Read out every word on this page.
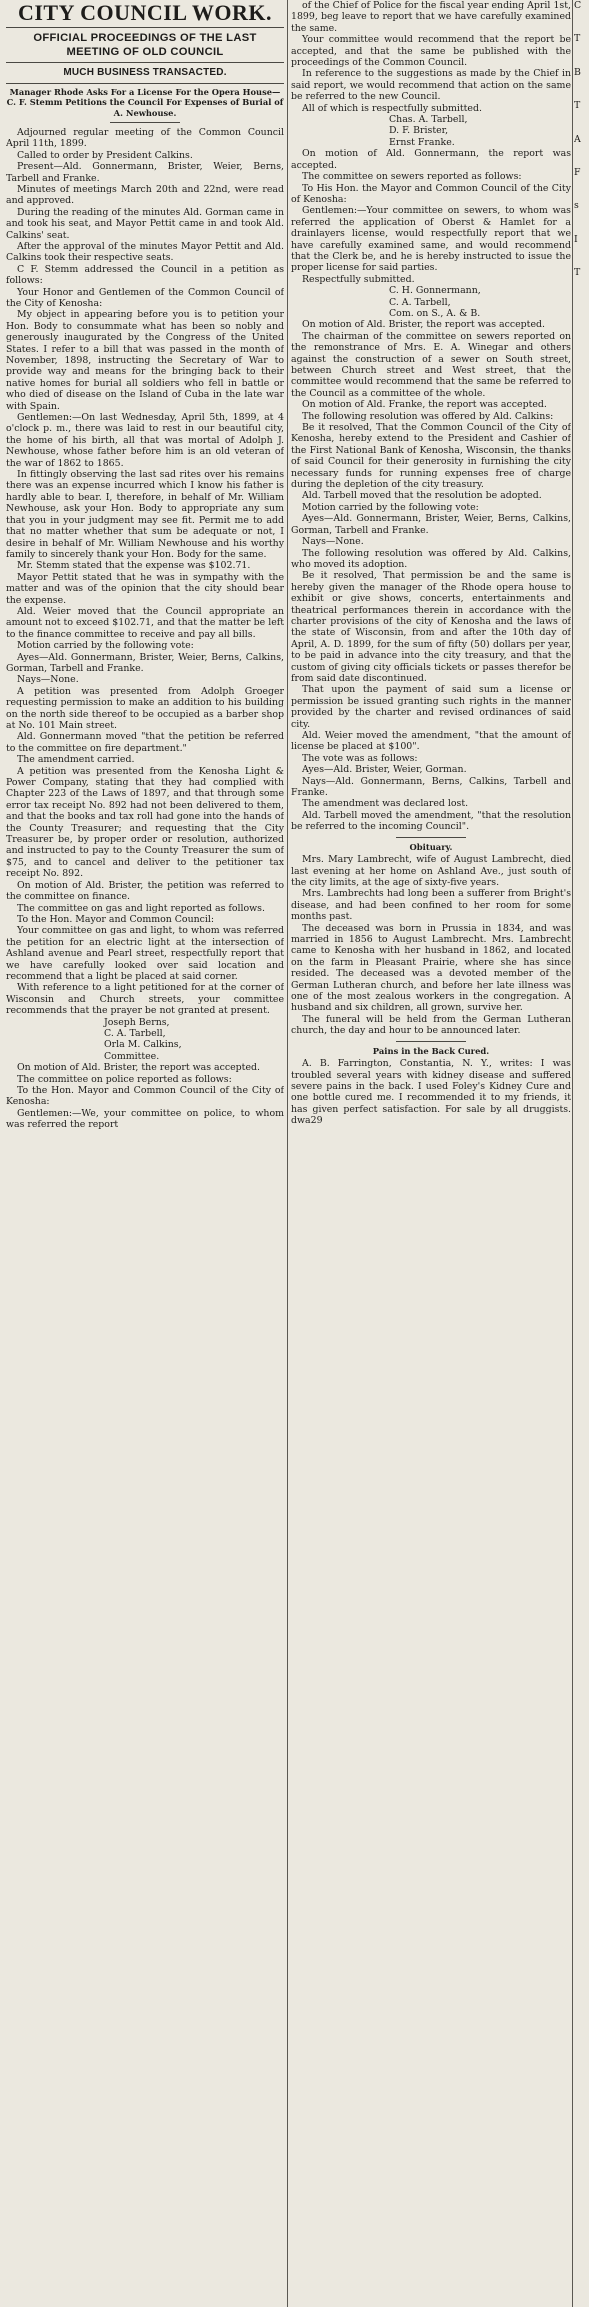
CITY COUNCIL WORK.
OFFICIAL PROCEEDINGS OF THE LAST MEETING OF OLD COUNCIL
MUCH BUSINESS TRANSACTED.
Manager Rhode Asks For a License For the Opera House—C. F. Stemm Petitions the Council For Expenses of Burial of A. Newhouse.

Adjourned regular meeting of the Common Council April 11th, 1899.

Called to order by President Calkins.

Present—Ald. Gonnermann, Brister, Weier, Berns, Tarbell and Franke.

Minutes of meetings March 20th and 22nd, were read and approved.

During the reading of the minutes Ald. Gorman came in and took his seat, and Mayor Pettit came in and took Ald. Calkins' seat.

After the approval of the minutes Mayor Pettit and Ald. Calkins took their respective seats.

C F. Stemm addressed the Council in a petition as follows:

Your Honor and Gentlemen of the Common Council of the City of Kenosha:

My object in appearing before you is to petition your Hon. Body to consummate what has been so nobly and generously inaugurated by the Congress of the United States. I refer to a bill that was passed in the month of November, 1898, instructing the Secretary of War to provide way and means for the bringing back to their native homes for burial all soldiers who fell in battle or who died of disease on the Island of Cuba in the late war with Spain.

Gentlemen:—On last Wednesday, April 5th, 1899, at 4 o'clock p. m., there was laid to rest in our beautiful city, the home of his birth, all that was mortal of Adolph J. Newhouse, whose father before him is an old veteran of the war of 1862 to 1865.

In fittingly observing the last sad rites over his remains there was an expense incurred which I know his father is hardly able to bear. I, therefore, in behalf of Mr. William Newhouse, ask your Hon. Body to appropriate any sum that you in your judgment may see fit. Permit me to add that no matter whether that sum be adequate or not, I desire in behalf of Mr. William Newhouse and his worthy family to sincerely thank your Hon. Body for the same.

Mr. Stemm stated that the expense was $102.71.

Mayor Pettit stated that he was in sympathy with the matter and was of the opinion that the city should bear the expense.

Ald. Weier moved that the Council appropriate an amount not to exceed $102.71, and that the matter be left to the finance committee to receive and pay all bills.

Motion carried by the following vote:

Ayes—Ald. Gonnermann, Brister, Weier, Berns, Calkins, Gorman, Tarbell and Franke.

Nays—None.

A petition was presented from Adolph Groeger requesting permission to make an addition to his building on the north side thereof to be occupied as a barber shop at No. 101 Main street.

Ald. Gonnermann moved "that the petition be referred to the committee on fire department."

The amendment carried.

A petition was presented from the Kenosha Light & Power Company, stating that they had complied with Chapter 223 of the Laws of 1897, and that through some error tax receipt No. 892 had not been delivered to them, and that the books and tax roll had gone into the hands of the County Treasurer; and requesting that the City Treasurer be, by proper order or resolution, authorized and instructed to pay to the County Treasurer the sum of $75, and to cancel and deliver to the petitioner tax receipt No. 892.

On motion of Ald. Brister, the petition was referred to the committee on finance.

The committee on gas and light reported as follows.

To the Hon. Mayor and Common Council:

Your committee on gas and light, to whom was referred the petition for an electric light at the intersection of Ashland avenue and Pearl street, respectfully report that we have carefully looked over said location and recommend that a light be placed at said corner.

With reference to a light petitioned for at the corner of Wisconsin and Church streets, your committee recommends that the prayer be not granted at present.

Joseph Berns,

C. A. Tarbell,

Orla M. Calkins,

Committee.

On motion of Ald. Brister, the report was accepted.

The committee on police reported as follows:

To the Hon. Mayor and Common Council of the City of Kenosha:

Gentlemen:—We, your committee on police, to whom was referred the report

of the Chief of Police for the fiscal year ending April 1st, 1899, beg leave to report that we have carefully examined the same.

Your committee would recommend that the report be accepted, and that the same be published with the proceedings of the Common Council.

In reference to the suggestions as made by the Chief in said report, we would recommend that action on the same be referred to the new Council.

All of which is respectfully submitted.

Chas. A. Tarbell,

D. F. Brister,

Ernst Franke.

On motion of Ald. Gonnermann, the report was accepted.

The committee on sewers reported as follows:

To His Hon. the Mayor and Common Council of the City of Kenosha:

Gentlemen:—Your committee on sewers, to whom was referred the application of Oberst & Hamlet for a drainlayers license, would respectfully report that we have carefully examined same, and would recommend that the Clerk be, and he is hereby instructed to issue the proper license for said parties.

Respectfully submitted.

C. H. Gonnermann,

C. A. Tarbell,

Com. on S., A. & B.

On motion of Ald. Brister, the report was accepted.

The chairman of the committee on sewers reported on the remonstrance of Mrs. E. A. Winegar and others against the construction of a sewer on South street, between Church street and West street, that the committee would recommend that the same be referred to the Council as a committee of the whole.

On motion of Ald. Franke, the report was accepted.

The following resolution was offered by Ald. Calkins:

Be it resolved, That the Common Council of the City of Kenosha, hereby extend to the President and Cashier of the First National Bank of Kenosha, Wisconsin, the thanks of said Council for their generosity in furnishing the city necessary funds for running expenses free of charge during the depletion of the city treasury.

Ald. Tarbell moved that the resolution be adopted.

Motion carried by the following vote:

Ayes—Ald. Gonnermann, Brister, Weier, Berns, Calkins, Gorman, Tarbell and Franke.

Nays—None.

The following resolution was offered by Ald. Calkins, who moved its adoption.

Be it resolved, That permission be and the same is hereby given the manager of the Rhode opera house to exhibit or give shows, concerts, entertainments and theatrical performances therein in accordance with the charter provisions of the city of Kenosha and the laws of the state of Wisconsin, from and after the 10th day of April, A. D. 1899, for the sum of fifty (50) dollars per year, to be paid in advance into the city treasury, and that the custom of giving city officials tickets or passes therefor be from said date discontinued.

That upon the payment of said sum a license or permission be issued granting such rights in the manner provided by the charter and revised ordinances of said city.

Ald. Weier moved the amendment, "that the amount of license be placed at $100".

The vote was as follows:

Ayes—Ald. Brister, Weier, Gorman.

Nays—Ald. Gonnermann, Berns, Calkins, Tarbell and Franke.

The amendment was declared lost.

Ald. Tarbell moved the amendment, "that the resolution be referred to the incoming Council".

Obituary.

Mrs. Mary Lambrecht, wife of August Lambrecht, died last evening at her home on Ashland Ave., just south of the city limits, at the age of sixty-five years.

Mrs. Lambrechts had long been a sufferer from Bright's disease, and had been confined to her room for some months past.

The deceased was born in Prussia in 1834, and was married in 1856 to August Lambrecht. Mrs. Lambrecht came to Kenosha with her husband in 1862, and located on the farm in Pleasant Prairie, where she has since resided. The deceased was a devoted member of the German Lutheran church, and before her late illness was one of the most zealous workers in the congregation. A husband and six children, all grown, survive her.

The funeral will be held from the German Lutheran church, the day and hour to be announced later.

Pains in the Back Cured.

A. B. Farrington, Constantia, N. Y., writes: I was troubled several years with kidney disease and suffered severe pains in the back. I used Foley's Kidney Cure and one bottle cured me. I recommended it to my friends, it has given perfect satisfaction. For sale by all druggists. dwa29

C
T
B
T
A
F
s
I
T
